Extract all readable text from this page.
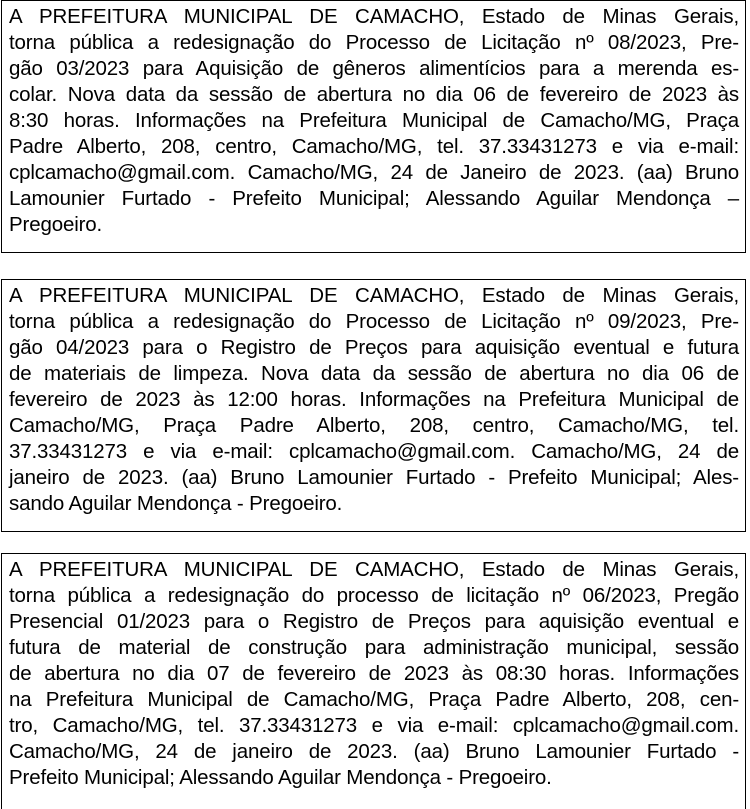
A PREFEITURA MUNICIPAL DE CAMACHO, Estado de Minas Gerais,
torna pública a redesignação do Processo de Licitação nº 08/2023, Pre-
gão 03/2023 para Aquisição de gêneros alimentícios para a merenda es-
colar. Nova data da sessão de abertura no dia 06 de fevereiro de 2023 às
8:30 horas. Informações na Prefeitura Municipal de Camacho/MG, Praça
Padre Alberto, 208, centro, Camacho/MG, tel. 37.33431273 e via e-mail:
cplcamacho@gmail.com. Camacho/MG, 24 de Janeiro de 2023. (aa) Bruno
Lamounier Furtado - Prefeito Municipal; Alessando Aguilar Mendonça –
Pregoeiro.
A PREFEITURA MUNICIPAL DE CAMACHO, Estado de Minas Gerais,
torna pública a redesignação do Processo de Licitação nº 09/2023, Pre-
gão 04/2023 para o Registro de Preços para aquisição eventual e futura
de materiais de limpeza. Nova data da sessão de abertura no dia 06 de
fevereiro de 2023 às 12:00 horas. Informações na Prefeitura Municipal de
Camacho/MG, Praça Padre Alberto, 208, centro, Camacho/MG, tel.
37.33431273 e via e-mail: cplcamacho@gmail.com. Camacho/MG, 24 de
janeiro de 2023. (aa) Bruno Lamounier Furtado - Prefeito Municipal; Ales-
sando Aguilar Mendonça - Pregoeiro.
A PREFEITURA MUNICIPAL DE CAMACHO, Estado de Minas Gerais,
torna pública a redesignação do processo de licitação nº 06/2023, Pregão
Presencial 01/2023 para o Registro de Preços para aquisição eventual e
futura de material de construção para administração municipal, sessão
de abertura no dia 07 de fevereiro de 2023 às 08:30 horas. Informações
na Prefeitura Municipal de Camacho/MG, Praça Padre Alberto, 208, cen-
tro, Camacho/MG, tel. 37.33431273 e via e-mail: cplcamacho@gmail.com.
Camacho/MG, 24 de janeiro de 2023. (aa) Bruno Lamounier Furtado -
Prefeito Municipal; Alessando Aguilar Mendonça - Pregoeiro.
